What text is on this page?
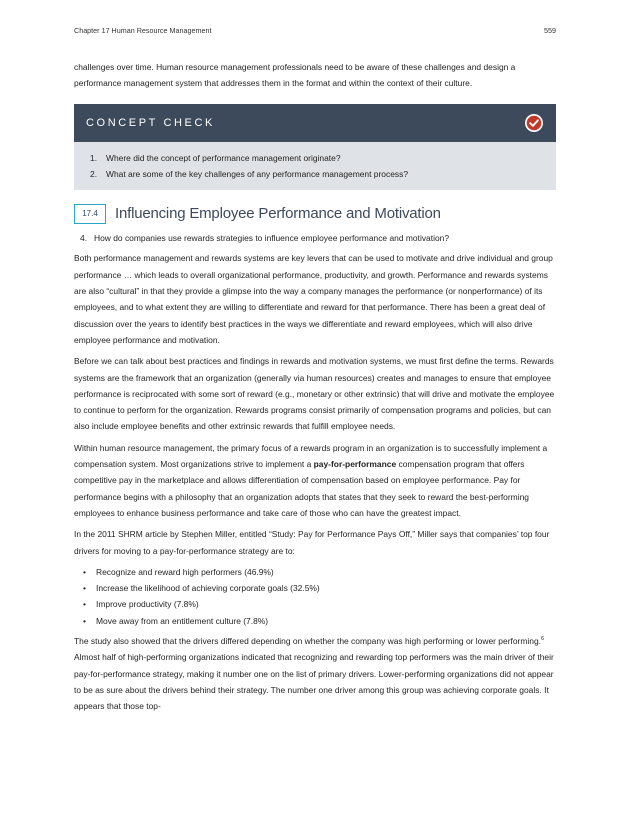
Chapter 17 Human Resource Management	559

challenges over time. Human resource management professionals need to be aware of these challenges and design a performance management system that addresses them in the format and within the context of their culture.

CONCEPT CHECK
1. Where did the concept of performance management originate?
2. What are some of the key challenges of any performance management process?
17.4	Influencing Employee Performance and Motivation

4. How do companies use rewards strategies to influence employee performance and motivation?

Both performance management and rewards systems are key levers that can be used to motivate and drive individual and group performance … which leads to overall organizational performance, productivity, and growth. Performance and rewards systems are also “cultural” in that they provide a glimpse into the way a company manages the performance (or nonperformance) of its employees, and to what extent they are willing to differentiate and reward for that performance. There has been a great deal of discussion over the years to identify best practices in the ways we differentiate and reward employees, which will also drive employee performance and motivation.

Before we can talk about best practices and findings in rewards and motivation systems, we must first define the terms. Rewards systems are the framework that an organization (generally via human resources) creates and manages to ensure that employee performance is reciprocated with some sort of reward (e.g., monetary or other extrinsic) that will drive and motivate the employee to continue to perform for the organization. Rewards programs consist primarily of compensation programs and policies, but can also include employee benefits and other extrinsic rewards that fulfill employee needs.

Within human resource management, the primary focus of a rewards program in an organization is to successfully implement a compensation system. Most organizations strive to implement a pay-for-performance compensation program that offers competitive pay in the marketplace and allows differentiation of compensation based on employee performance. Pay for performance begins with a philosophy that an organization adopts that states that they seek to reward the best-performing employees to enhance business performance and take care of those who can have the greatest impact.

In the 2011 SHRM article by Stephen Miller, entitled “Study: Pay for Performance Pays Off,” Miller says that companies’ top four drivers for moving to a pay-for-performance strategy are to:

• Recognize and reward high performers (46.9%)
• Increase the likelihood of achieving corporate goals (32.5%)
• Improve productivity (7.8%)
• Move away from an entitlement culture (7.8%)

The study also showed that the drivers differed depending on whether the company was high performing or lower performing.$^6$ Almost half of high-performing organizations indicated that recognizing and rewarding top performers was the main driver of their pay-for-performance strategy, making it number one on the list of primary drivers. Lower-performing organizations did not appear to be as sure about the drivers behind their strategy. The number one driver among this group was achieving corporate goals. It appears that those top-
